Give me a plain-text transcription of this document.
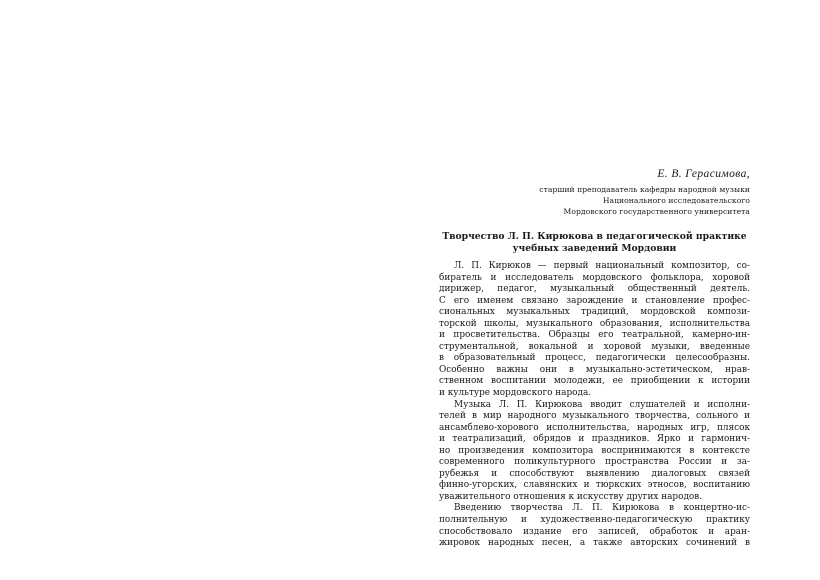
Е. В. Герасимова,

старший преподаватель кафедры народной музыки

Национального исследовательского

Мордовского государственного университета

Творчество Л. П. Кирюкова в педагогической практике
учебных заведений Мордовии
Л. П. Кирюков — первый национальный композитор, со-
биратель и исследователь мордовского фольклора, хоровой
дирижер, педагог, музыкальный общественный деятель.
С его именем связано зарождение и становление профес-
сиональных музыкальных традиций, мордовской компози-
торской школы, музыкального образования, исполнительства
и просветительства. Образцы его театральной, камерно-ин-
струментальной, вокальной и хоровой музыки, введенные
в образовательный процесс, педагогически целесообразны.
Особенно важны они в музыкально-эстетическом, нрав-
ственном воспитании молодежи, ее приобщении к истории
и культуре мордовского народа.
Музыка Л. П. Кирюкова вводит слушателей и исполни-
телей в мир народного музыкального творчества, сольного и
ансамблево-хорового исполнительства, народных игр, плясок
и театрализаций, обрядов и праздников. Ярко и гармонич-
но произведения композитора воспринимаются в контексте
современного поликультурного пространства России и за-
рубежья и способствуют выявлению диалоговых связей
финно-угорских, славянских и тюркских этносов, воспитанию
уважительного отношения к искусству других народов.
Введению творчества Л. П. Кирюкова в концертно-ис-
полнительную и художественно-педагогическую практику
способствовало издание его записей, обработок и аран-
жировок народных песен, а также авторских сочинений в
